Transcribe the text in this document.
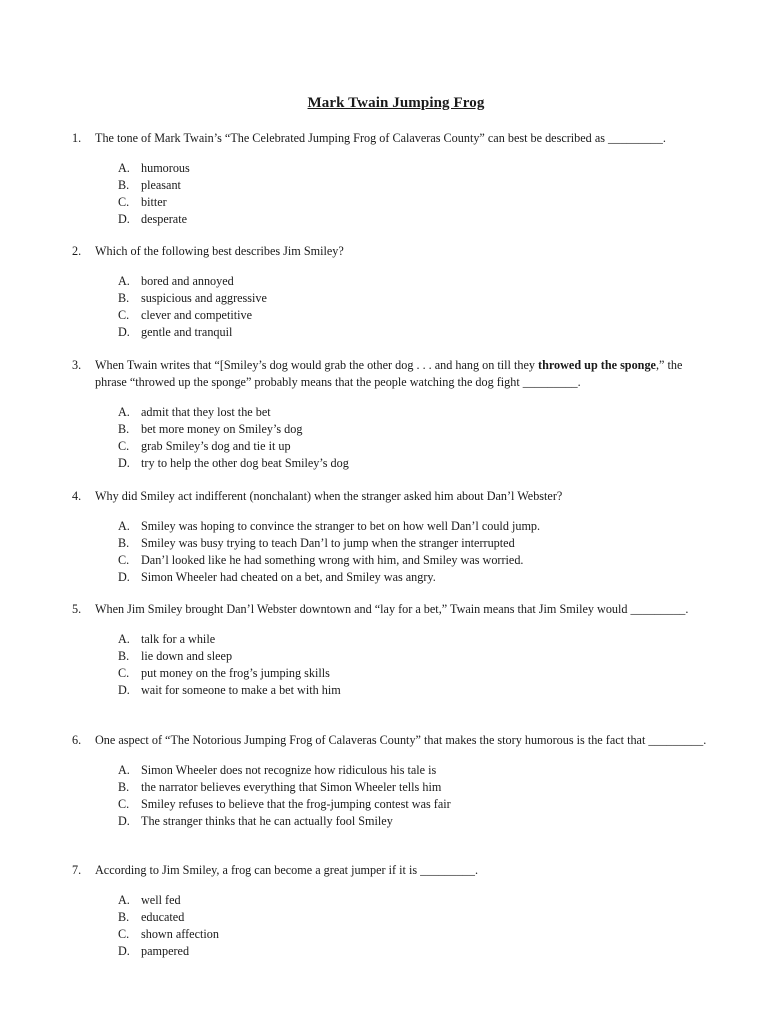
Mark Twain Jumping Frog
1. The tone of Mark Twain’s “The Celebrated Jumping Frog of Calaveras County” can best be described as _________.
A. humorous
B. pleasant
C. bitter
D. desperate
2. Which of the following best describes Jim Smiley?
A. bored and annoyed
B. suspicious and aggressive
C. clever and competitive
D. gentle and tranquil
3. When Twain writes that “[Smiley’s dog would grab the other dog . . . and hang on till they throwed up the sponge,” the phrase “throwed up the sponge” probably means that the people watching the dog fight _________.
A. admit that they lost the bet
B. bet more money on Smiley’s dog
C. grab Smiley’s dog and tie it up
D. try to help the other dog beat Smiley’s dog
4. Why did Smiley act indifferent (nonchalant) when the stranger asked him about Dan’l Webster?
A. Smiley was hoping to convince the stranger to bet on how well Dan’l could jump.
B. Smiley was busy trying to teach Dan’l to jump when the stranger interrupted
C. Dan’l looked like he had something wrong with him, and Smiley was worried.
D. Simon Wheeler had cheated on a bet, and Smiley was angry.
5. When Jim Smiley brought Dan’l Webster downtown and “lay for a bet,” Twain means that Jim Smiley would _________.
A. talk for a while
B. lie down and sleep
C. put money on the frog’s jumping skills
D. wait for someone to make a bet with him
6. One aspect of “The Notorious Jumping Frog of Calaveras County” that makes the story humorous is the fact that _________.
A. Simon Wheeler does not recognize how ridiculous his tale is
B. the narrator believes everything that Simon Wheeler tells him
C. Smiley refuses to believe that the frog-jumping contest was fair
D. The stranger thinks that he can actually fool Smiley
7. According to Jim Smiley, a frog can become a great jumper if it is _________.
A. well fed
B. educated
C. shown affection
D. pampered
